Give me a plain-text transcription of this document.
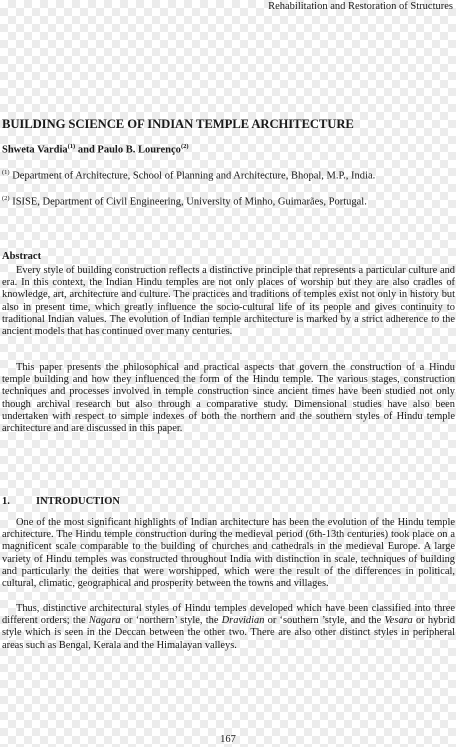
Rehabilitation and Restoration of Structures
BUILDING SCIENCE OF INDIAN TEMPLE ARCHITECTURE
Shweta Vardia$^{(1)}$ and Paulo B. Lourenço$^{(2)}$
$^{(1)}$ Department of Architecture, School of Planning and Architecture, Bhopal, M.P., India.
$^{(2)}$ ISISE, Department of Civil Engineering, University of Minho, Guimarães, Portugal.
Abstract

Every style of building construction reflects a distinctive principle that represents a particular culture and era. In this context, the Indian Hindu temples are not only places of worship but they are also cradles of knowledge, art, architecture and culture. The practices and traditions of temples exist not only in history but also in present time, which greatly influence the socio-cultural life of its people and gives continuity to traditional Indian values. The evolution of Indian temple architecture is marked by a strict adherence to the ancient models that has continued over many centuries.

This paper presents the philosophical and practical aspects that govern the construction of a Hindu temple building and how they influenced the form of the Hindu temple. The various stages, construction techniques and processes involved in temple construction since ancient times have been studied not only though archival research but also through a comparative study. Dimensional studies have also been undertaken with respect to simple indexes of both the northern and the southern styles of Hindu temple architecture and are discussed in this paper.

1. INTRODUCTION

One of the most significant highlights of Indian architecture has been the evolution of the Hindu temple architecture. The Hindu temple construction during the medieval period (6th-13th centuries) took place on a magnificent scale comparable to the building of churches and cathedrals in the medieval Europe. A large variety of Hindu temples was constructed throughout India with distinction in scale, techniques of building and particularly the deities that were worshipped, which were the result of the differences in political, cultural, climatic, geographical and prosperity between the towns and villages.

Thus, distinctive architectural styles of Hindu temples developed which have been classified into three different orders; the Nagara or ‘northern’ style, the Dravidian or ‘southern ’style, and the Vesara or hybrid style which is seen in the Deccan between the other two. There are also other distinct styles in peripheral areas such as Bengal, Kerala and the Himalayan valleys.

167
